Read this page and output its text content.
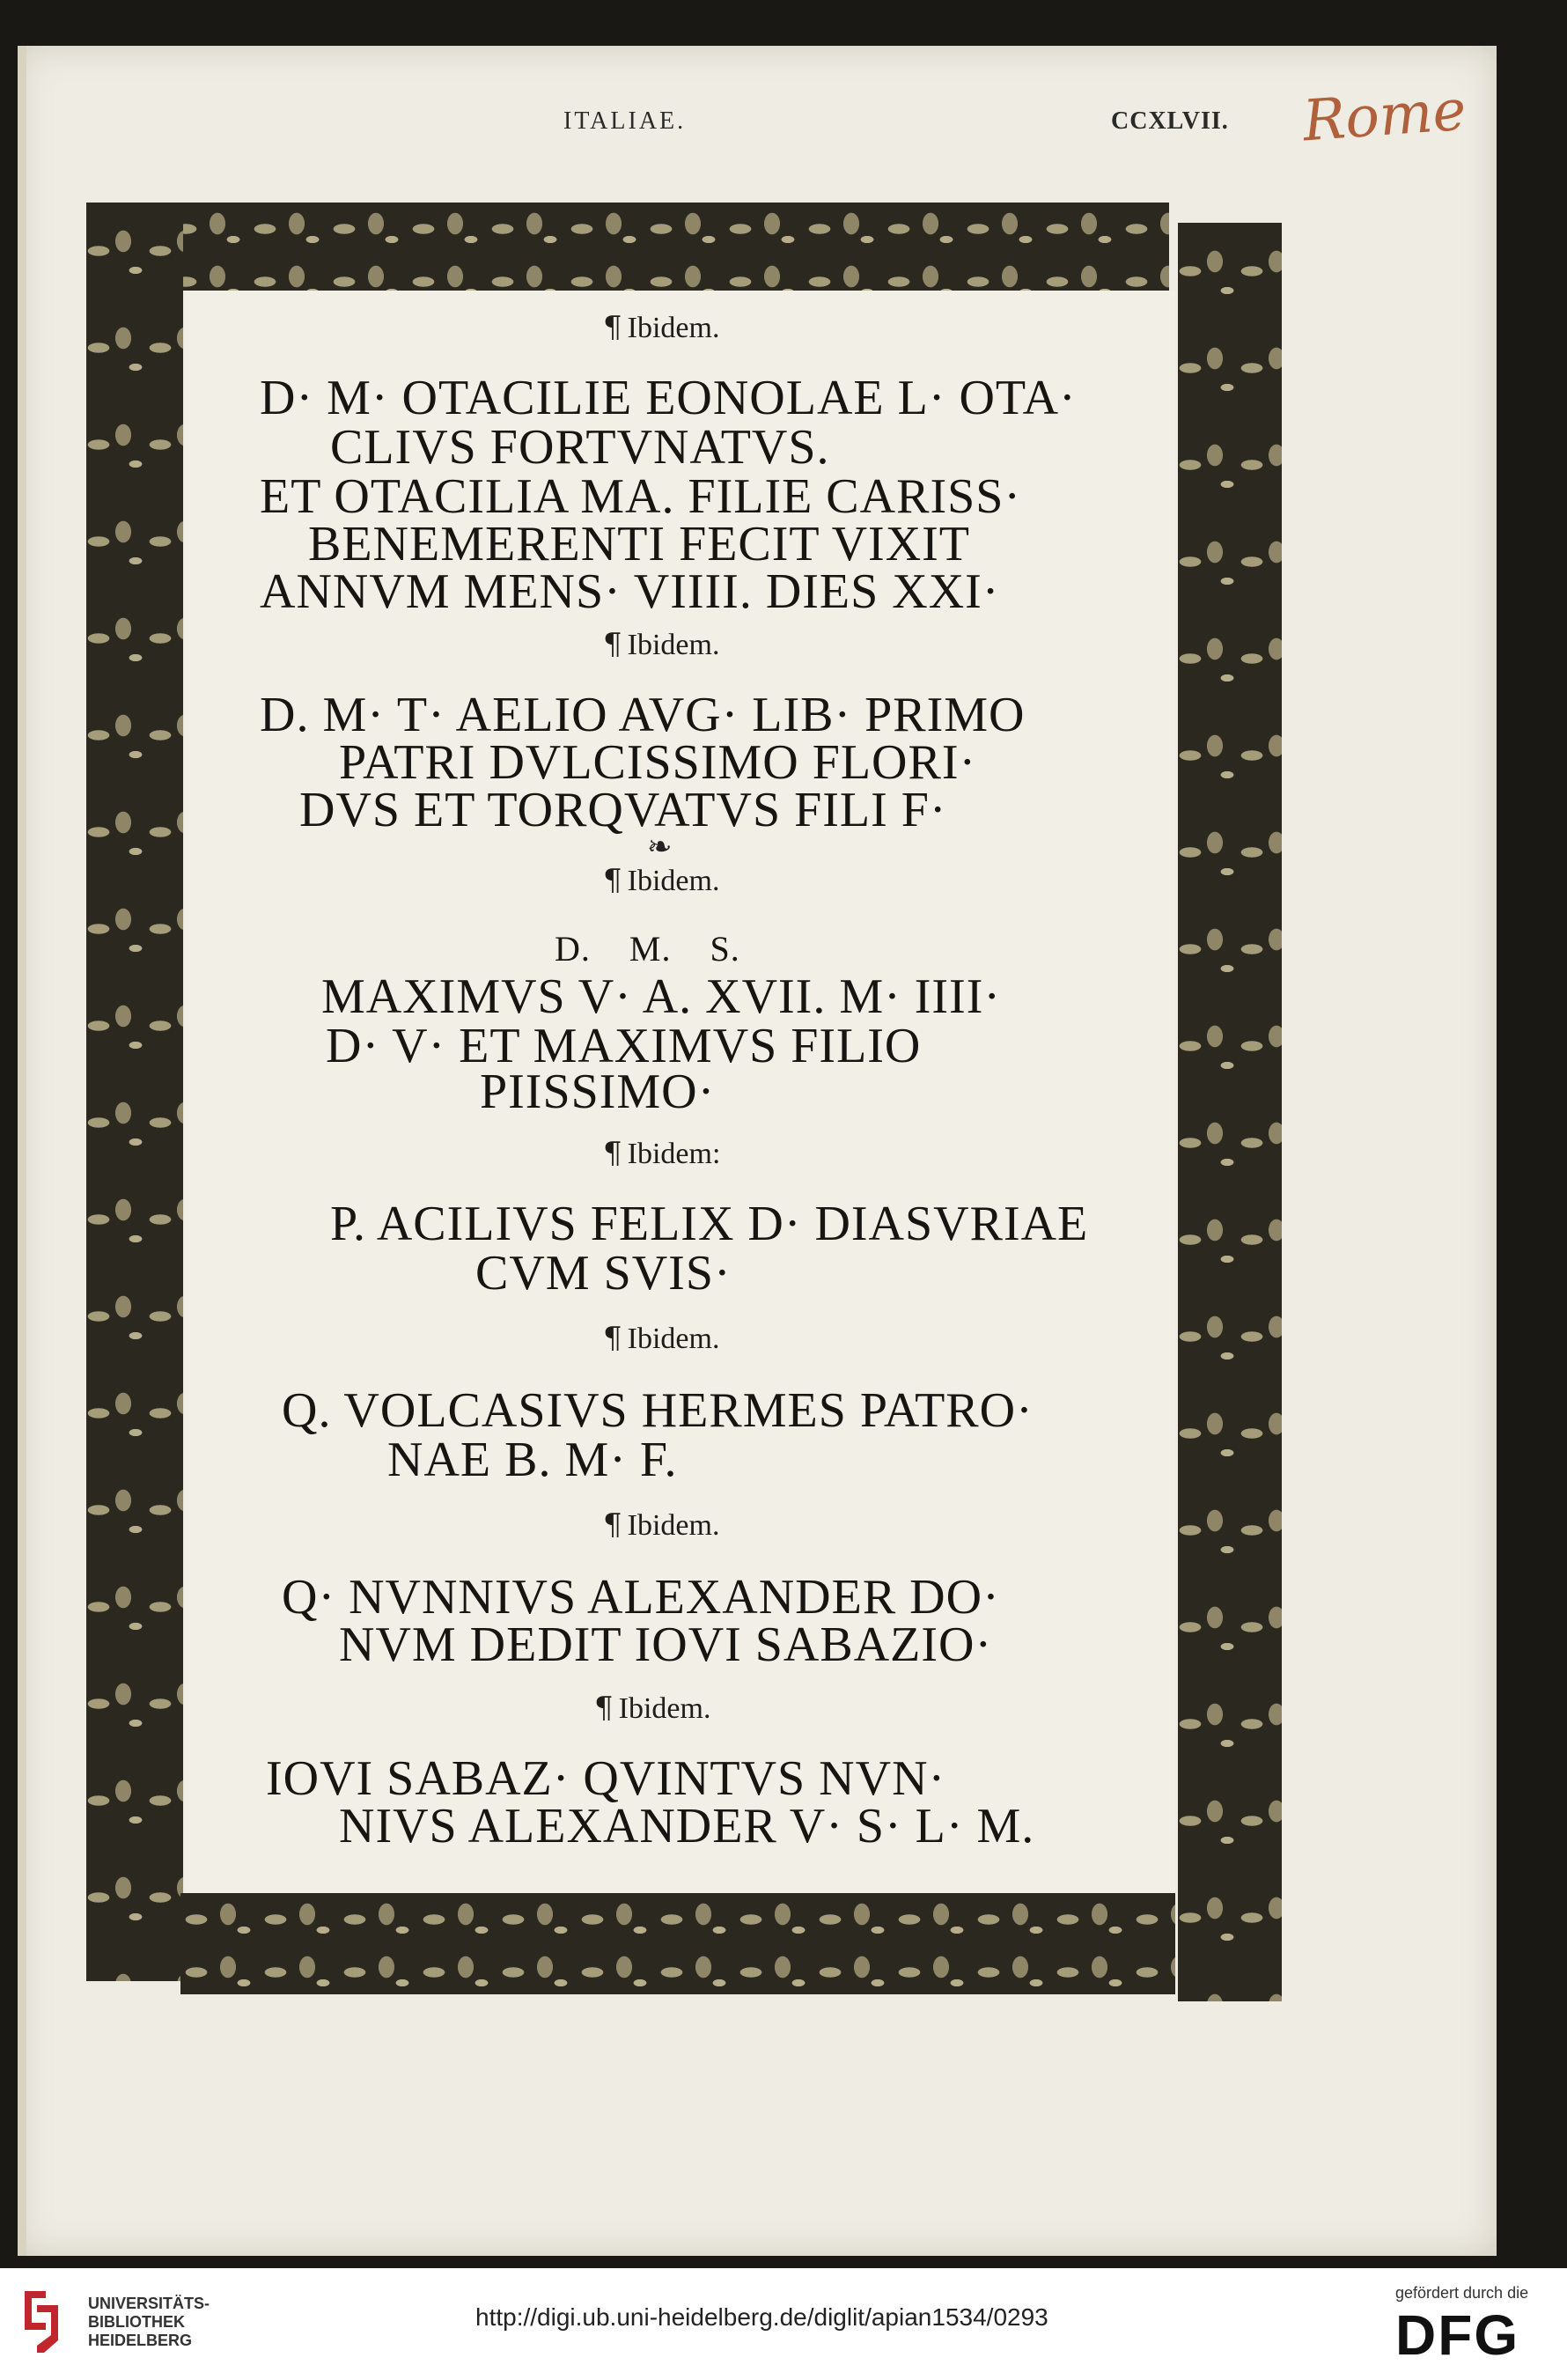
ITALIAE.	CCXLVII. Rome
¶ Ibidem.
D· M· OTACILIE EONOLAE L· OTA·
CLIVS FORTVNATVS.
ET OTACILIA MA. FILIE CARISS·
BENEMERENTI FECIT VIXIT
ANNVM MENS· VIIII. DIES XXI·
¶ Ibidem.
D. M· T· AELIO AVG· LIB· PRIMO
PATRI DVLCISSIMO FLORI·
DVS ET TORQVATVS FILI F·
❧
¶ Ibidem.
D.    M.    S.
MAXIMVS V· A. XVII. M· IIII·
D· V· ET MAXIMVS FILIO
PIISSIMO·
¶ Ibidem:
P. ACILIVS FELIX D· DIASVRIAE
CVM SVIS·
¶ Ibidem.
Q. VOLCASIVS HERMES PATRO·
NAE B. M· F.
¶ Ibidem.
Q· NVNNIVS ALEXANDER DO·
NVM DEDIT IOVI SABAZIO·
¶ Ibidem.
IOVI SABAZ· QVINTVS NVN·
NIVS ALEXANDER V· S· L· M.
UNIVERSITÄTS-
BIBLIOTHEK
HEIDELBERG
http://digi.ub.uni-heidelberg.de/diglit/apian1534/0293
gefördert durch die
DFG
